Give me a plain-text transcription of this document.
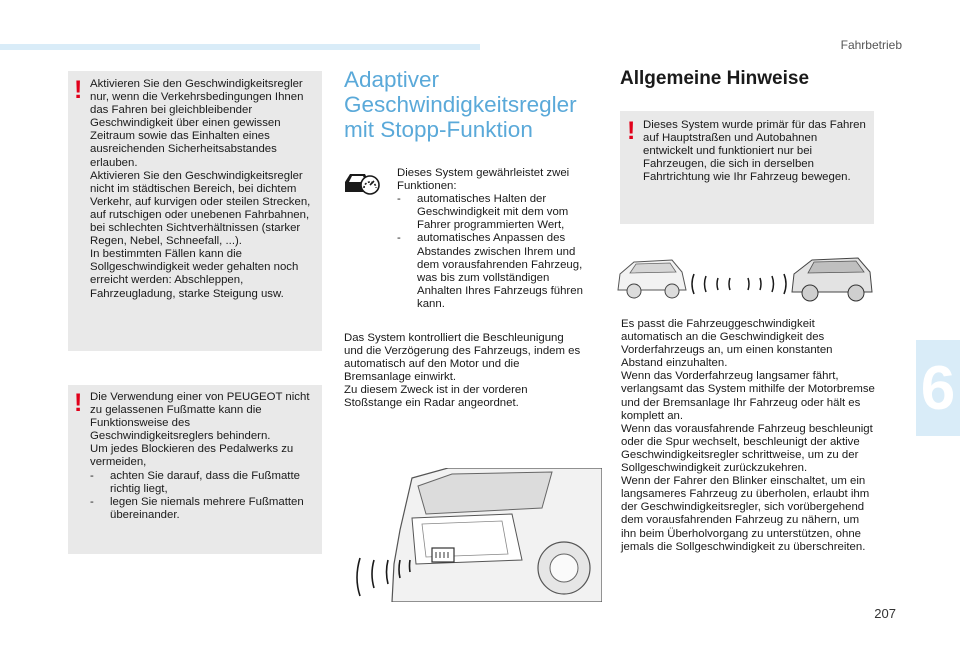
Fahrbetrieb
6
207
! Aktivieren Sie den Geschwindigkeitsregler nur, wenn die Verkehrsbedingungen Ihnen das Fahren bei gleichbleibender Geschwindigkeit über einen gewissen Zeitraum sowie das Einhalten eines ausreichenden Sicherheitsabstandes erlauben.

Aktivieren Sie den Geschwindigkeitsregler nicht im städtischen Bereich, bei dichtem Verkehr, auf kurvigen oder steilen Strecken, auf rutschigen oder unebenen Fahrbahnen, bei schlechten Sichtverhältnissen (starker Regen, Nebel, Schneefall, ...).

In bestimmten Fällen kann die Sollgeschwindigkeit weder gehalten noch erreicht werden: Abschleppen, Fahrzeugladung, starke Steigung usw.

! Die Verwendung einer von PEUGEOT nicht zu gelassenen Fußmatte kann die Funktionsweise des Geschwindigkeitsreglers behindern.

Um jedes Blockieren des Pedalwerks zu vermeiden,

- achten Sie darauf, dass die Fußmatte richtig liegt,
- legen Sie niemals mehrere Fußmatten übereinander.
Adaptiver
Geschwindigkeitsregler
mit Stopp-Funktion
Dieses System gewährleistet zwei Funktionen:
- automatisches Halten der Geschwindigkeit mit dem vom Fahrer programmierten Wert,
- automatisches Anpassen des Abstandes zwischen Ihrem und dem vorausfahrenden Fahrzeug, was bis zum vollständigen Anhalten Ihres Fahrzeugs führen kann.

Das System kontrolliert die Beschleunigung und die Verzögerung des Fahrzeugs, indem es automatisch auf den Motor und die Bremsanlage einwirkt.
Zu diesem Zweck ist in der vorderen Stoßstange ein Radar angeordnet.

Allgemeine Hinweise
! Dieses System wurde primär für das Fahren auf Hauptstraßen und Autobahnen entwickelt und funktioniert nur bei Fahrzeugen, die sich in derselben Fahrtrichtung wie Ihr Fahrzeug bewegen.

Es passt die Fahrzeuggeschwindigkeit automatisch an die Geschwindigkeit des Vorderfahrzeugs an, um einen konstanten Abstand einzuhalten.
Wenn das Vorderfahrzeug langsamer fährt, verlangsamt das System mithilfe der Motorbremse und der Bremsanlage Ihr Fahrzeug oder hält es komplett an.
Wenn das vorausfahrende Fahrzeug beschleunigt oder die Spur wechselt, beschleunigt der aktive Geschwindigkeitsregler schrittweise, um zu der Sollgeschwindigkeit zurückzukehren.
Wenn der Fahrer den Blinker einschaltet, um ein langsameres Fahrzeug zu überholen, erlaubt ihm der Geschwindigkeitsregler, sich vorübergehend dem vorausfahrenden Fahrzeug zu nähern, um ihn beim Überholvorgang zu unterstützen, ohne jemals die Sollgeschwindigkeit zu überschreiten.
